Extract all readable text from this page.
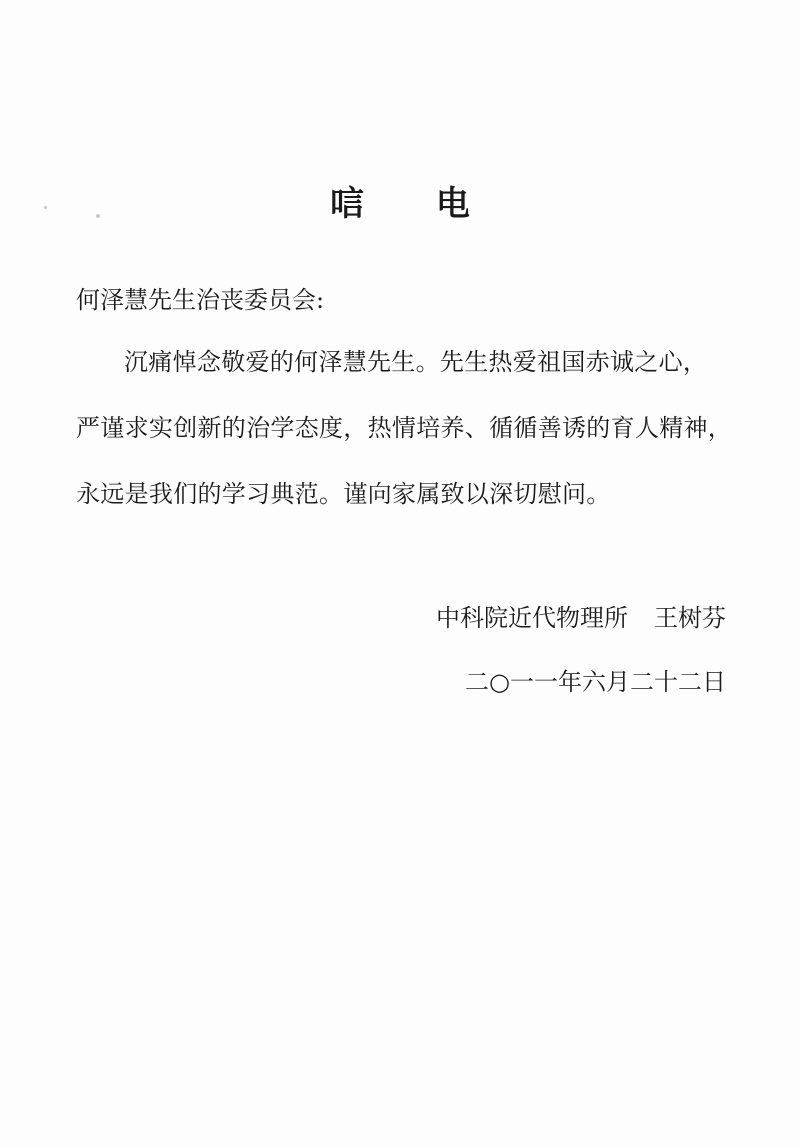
唁 电
何泽慧先生治丧委员会:
沉痛悼念敬爱的何泽慧先生。先生热爱祖国赤诚之心，
严谨求实创新的治学态度，热情培养、循循善诱的育人精神，
永远是我们的学习典范。谨向家属致以深切慰问。
中科院近代物理所 王树芬
二○一一年六月二十二日
